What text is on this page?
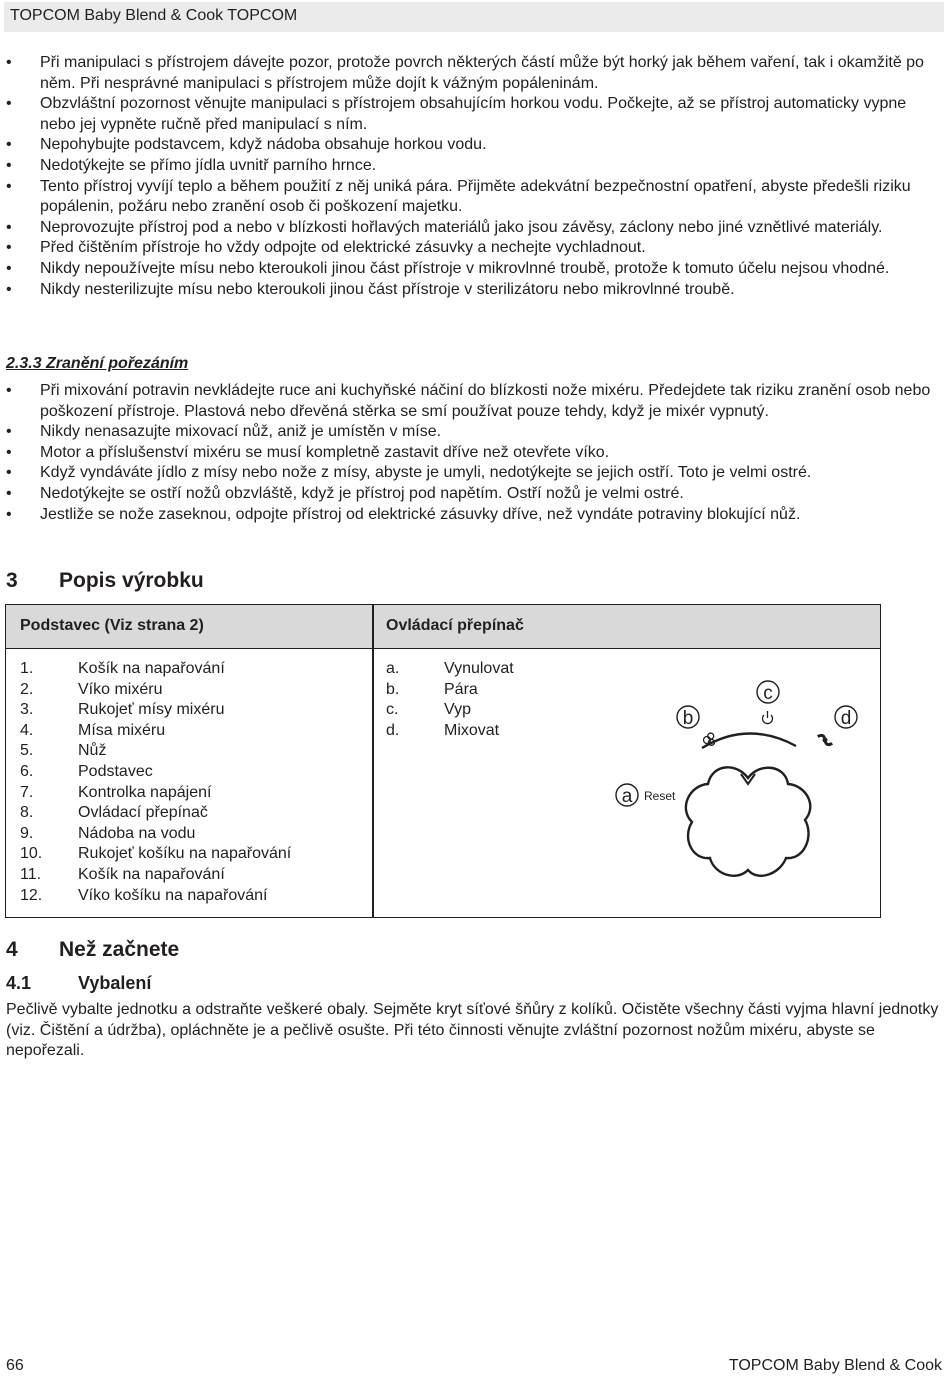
TOPCOM Baby Blend & Cook TOPCOM
• Při manipulaci s přístrojem dávejte pozor, protože povrch některých částí může být horký jak během vaření, tak i okamžitě po něm. Při nesprávné manipulaci s přístrojem může dojít k vážným popáleninám.
• Obzvláštní pozornost věnujte manipulaci s přístrojem obsahujícím horkou vodu. Počkejte, až se přístroj automaticky vypne nebo jej vypněte ručně před manipulací s ním.
• Nepohybujte podstavcem, když nádoba obsahuje horkou vodu.
• Nedotýkejte se přímo jídla uvnitř parního hrnce.
• Tento přístroj vyvíjí teplo a během použití z něj uniká pára. Přijměte adekvátní bezpečnostní opatření, abyste předešli riziku popálenin, požáru nebo zranění osob či poškození majetku.
• Neprovozujte přístroj pod a nebo v blízkosti hořlavých materiálů jako jsou závěsy, záclony nebo jiné vznětlivé materiály.
• Před čištěním přístroje ho vždy odpojte od elektrické zásuvky a nechejte vychladnout.
• Nikdy nepoužívejte mísu nebo kteroukoli jinou část přístroje v mikrovlnné troubě, protože k tomuto účelu nejsou vhodné.
• Nikdy nesterilizujte mísu nebo kteroukoli jinou část přístroje v sterilizátoru nebo mikrovlnné troubě.
2.3.3 Zranění pořezáním
• Při mixování potravin nevkládejte ruce ani kuchyňské náčiní do blízkosti nože mixéru. Předejdete tak riziku zranění osob nebo poškození přístroje. Plastová nebo dřevěná stěrka se smí používat pouze tehdy, když je mixér vypnutý.
• Nikdy nenasazujte mixovací nůž, aniž je umístěn v míse.
• Motor a příslušenství mixéru se musí kompletně zastavit dříve než otevřete víko.
• Když vyndáváte jídlo z mísy nebo nože z mísy, abyste je umyli, nedotýkejte se jejich ostří. Toto je velmi ostré.
• Nedotýkejte se ostří nožů obzvláště, když je přístroj pod napětím. Ostří nožů je velmi ostré.
• Jestliže se nože zaseknou, odpojte přístroj od elektrické zásuvky dříve, než vyndáte potraviny blokující nůž.
3 Popis výrobku
Podstavec (Viz strana 2)	Ovládací přepínač
1.	Košík na napařování
2.	Víko mixéru
3.	Rukojeť mísy mixéru
4.	Mísa mixéru
5.	Nůž
6.	Podstavec
7.	Kontrolka napájení
8.	Ovládací přepínač
9.	Nádoba na vodu
10. Rukojeť košíku na napařování
11. Košík na napařování
12. Víko košíku na napařování
a.	Vynulovat
b.	Pára
c.	Vyp
d.	Mixovat
b
c
d
a Reset
4 Než začnete
4.1	Vybalení
Pečlivě vybalte jednotku a odstraňte veškeré obaly. Sejměte kryt síťové šňůry z kolíků. Očistěte všechny části vyjma hlavní jednotky (viz. Čištění a údržba), opláchněte je a pečlivě osušte. Při této činnosti věnujte zvláštní pozornost nožům mixéru, abyste se nepořezali.
66	TOPCOM Baby Blend & Cook
